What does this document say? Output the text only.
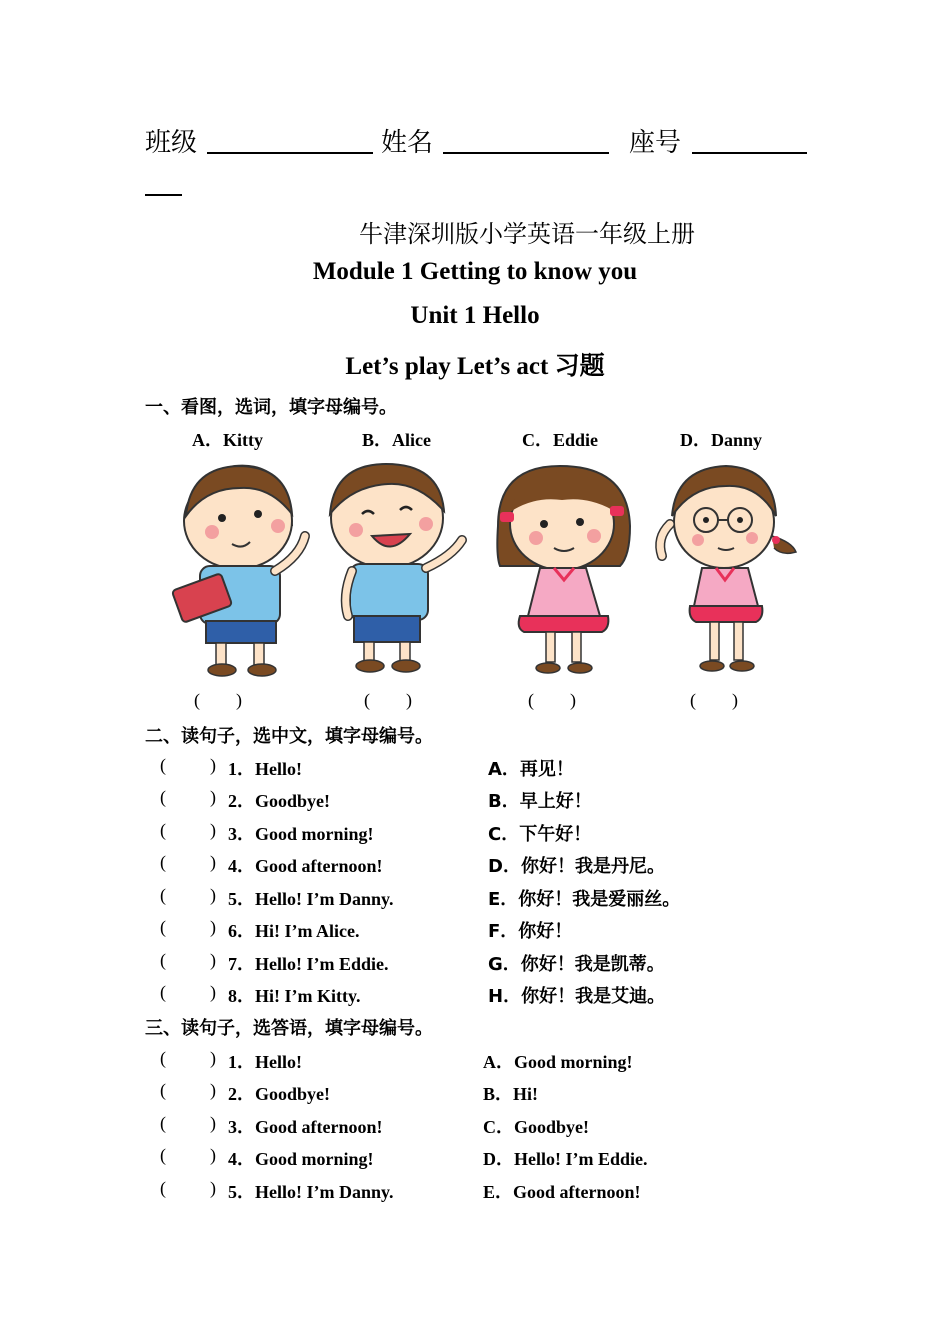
班级	姓名	座号
牛津深圳版小学英语一年级上册
Module 1 Getting to know you
Unit 1 Hello
Let’s play Let’s act 习题
一、看图，选词，填字母编号。
A．Kitty	B．Alice	C．Eddie	D．Danny
(        )	(        )	(        )	(        )
二、读句子，选中文，填字母编号。
( ) 1．Hello!	A．再见！
( ) 2．Goodbye!	B．早上好！
( ) 3．Good morning!	C．下午好！
( ) 4．Good afternoon!	D．你好！我是丹尼。
( ) 5．Hello! I’m Danny.	E．你好！我是爱丽丝。
( ) 6．Hi! I’m Alice.	F．你好！
( ) 7．Hello! I’m Eddie.	G．你好！我是凯蒂。
( ) 8．Hi! I’m Kitty.	H．你好！我是艾迪。
三、读句子，选答语，填字母编号。
( ) 1．Hello!	A．Good morning!
( ) 2．Goodbye!	B．Hi!
( ) 3．Good afternoon!	C．Goodbye!
( ) 4．Good morning!	D．Hello! I’m Eddie.
( ) 5．Hello! I’m Danny.	E．Good afternoon!
